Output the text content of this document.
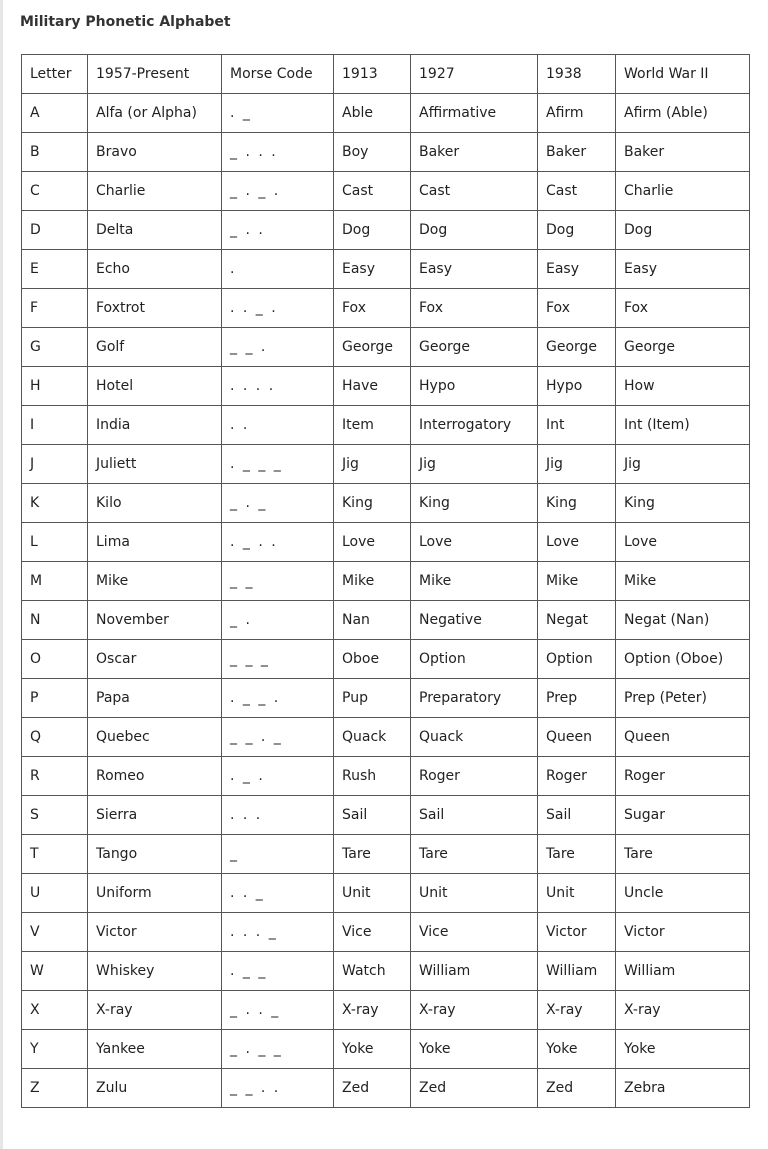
Military Phonetic Alphabet
Letter	1957-Present	Morse Code	1913	1927	1938	World War II
A	Alfa (or Alpha)	. _	Able	Affirmative	Afirm	Afirm (Able)
B	Bravo	_ . . .	Boy	Baker	Baker	Baker
C	Charlie	_ . _ .	Cast	Cast	Cast	Charlie
D	Delta	_ . .	Dog	Dog	Dog	Dog
E	Echo	.	Easy	Easy	Easy	Easy
F	Foxtrot	. . _ .	Fox	Fox	Fox	Fox
G	Golf	_ _ .	George	George	George	George
H	Hotel	. . . .	Have	Hypo	Hypo	How
I	India	. .	Item	Interrogatory	Int	Int (Item)
J	Juliett	. _ _ _	Jig	Jig	Jig	Jig
K	Kilo	_ . _	King	King	King	King
L	Lima	. _ . .	Love	Love	Love	Love
M	Mike	_ _	Mike	Mike	Mike	Mike
N	November	_ .	Nan	Negative	Negat	Negat (Nan)
O	Oscar	_ _ _	Oboe	Option	Option	Option (Oboe)
P	Papa	. _ _ .	Pup	Preparatory	Prep	Prep (Peter)
Q	Quebec	_ _ . _	Quack	Quack	Queen	Queen
R	Romeo	. _ .	Rush	Roger	Roger	Roger
S	Sierra	. . .	Sail	Sail	Sail	Sugar
T	Tango	_	Tare	Tare	Tare	Tare
U	Uniform	. . _	Unit	Unit	Unit	Uncle
V	Victor	. . . _	Vice	Vice	Victor	Victor
W	Whiskey	. _ _	Watch	William	William	William
X	X-ray	_ . . _	X-ray	X-ray	X-ray	X-ray
Y	Yankee	_ . _ _	Yoke	Yoke	Yoke	Yoke
Z	Zulu	_ _ . .	Zed	Zed	Zed	Zebra
